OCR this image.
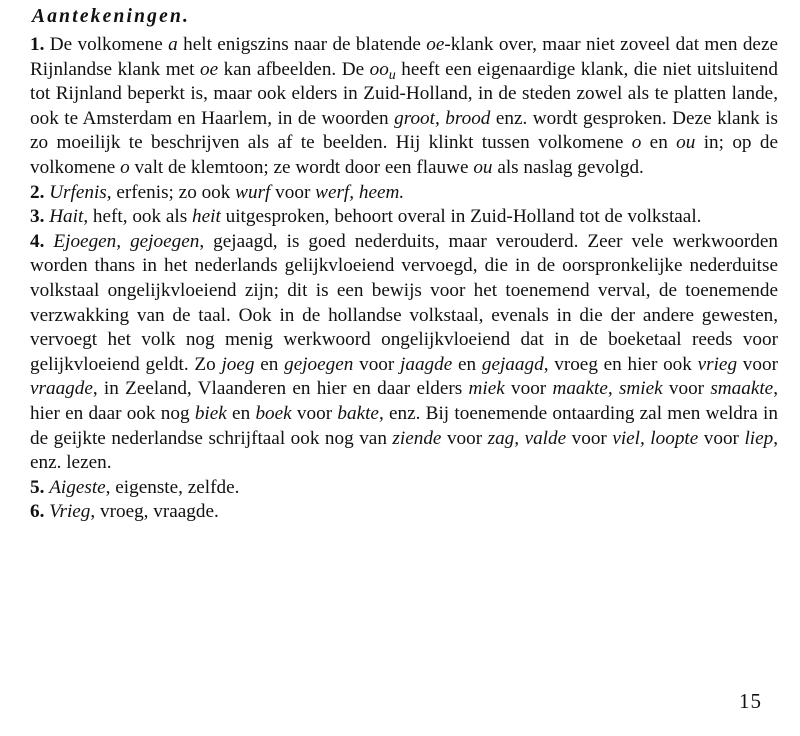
Aantekeningen.

1. De volkomene a helt enigszins naar de blatende oe-klank over, maar niet zoveel dat men deze Rijnlandse klank met oe kan afbeelden. De $oo_u$ heeft een eigenaardige klank, die niet uitsluitend tot Rijnland beperkt is, maar ook elders in Zuid-Holland, in de steden zowel als te platten lande, ook te Amsterdam en Haarlem, in de woorden groot, brood enz. wordt gesproken. Deze klank is zo moeilijk te beschrijven als af te beelden. Hij klinkt tussen volkomene o en ou in; op de volkomene o valt de klemtoon; ze wordt door een flauwe ou als naslag gevolgd.

2. Urfenis, erfenis; zo ook wurf voor werf, heem.

3. Hait, heft, ook als heit uitgesproken, behoort overal in Zuid-Holland tot de volkstaal.

4. Ejoegen, gejoegen, gejaagd, is goed nederduits, maar verouderd. Zeer vele werkwoorden worden thans in het nederlands gelijkvloeiend vervoegd, die in de oorspronkelijke nederduitse volkstaal ongelijkvloeiend zijn; dit is een bewijs voor het toenemend verval, de toenemende verzwakking van de taal. Ook in de hollandse volkstaal, evenals in die der andere gewesten, vervoegt het volk nog menig werkwoord ongelijkvloeiend dat in de boeketaal reeds voor gelijkvloeiend geldt. Zo joeg en gejoegen voor jaagde en gejaagd, vroeg en hier ook vrieg voor vraagde, in Zeeland, Vlaanderen en hier en daar elders miek voor maakte, smiek voor smaakte, hier en daar ook nog biek en boek voor bakte, enz. Bij toenemende ontaarding zal men weldra in de geijkte nederlandse schrijftaal ook nog van ziende voor zag, valde voor viel, loopte voor liep, enz. lezen.

5. Aigeste, eigenste, zelfde.

6. Vrieg, vroeg, vraagde.

15
